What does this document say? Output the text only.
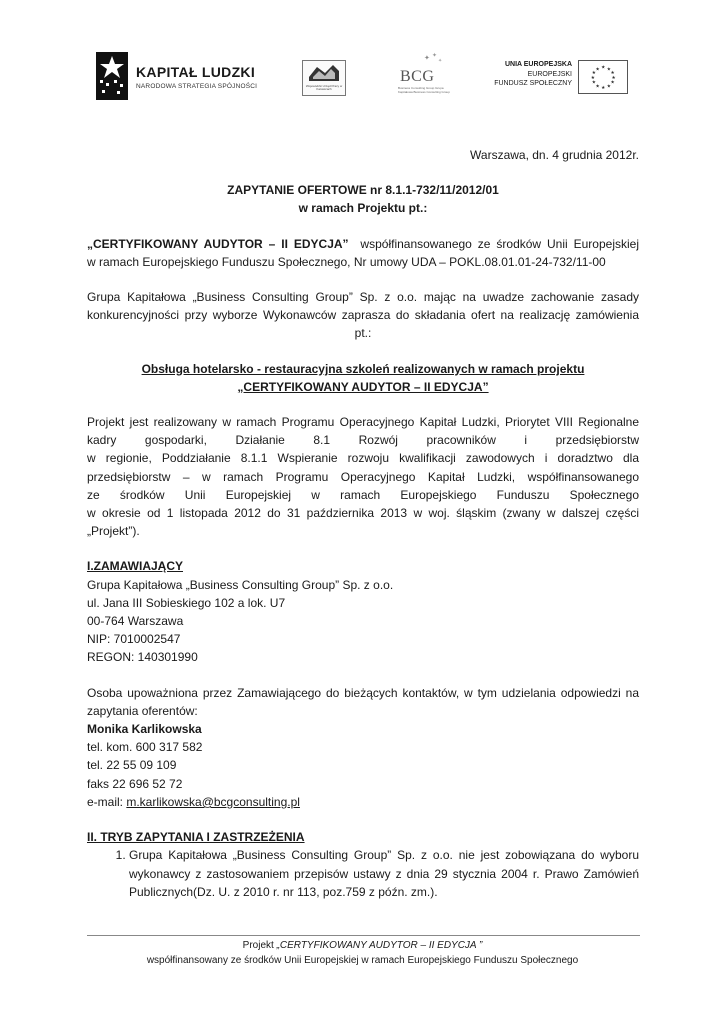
KAPITAŁ LUDZKI
NARODOWA STRATEGIA SPÓJNOŚCI	Wojewódzki Urząd Pracy w Katowicach
✦ ✦
✦
BCG
Business Consulting Group Grupa Kapitałowa Business Consulting Group
UNIA EUROPEJSKA
EUROPEJSKI
FUNDUSZ SPOŁECZNY
★ ★
★
★
★
★
★
★
★
★
★
★

Warszawa, dn. 4 grudnia 2012r.

ZAPYTANIE OFERTOWE nr 8.1.1-732/11/2012/01

w ramach Projektu pt.:

„CERTYFIKOWANY AUDYTOR – II EDYCJA”  współfinansowanego ze środków Unii Europejskiej

w ramach Europejskiego Funduszu Społecznego, Nr umowy UDA – POKL.08.01.01-24-732/11-00

Grupa Kapitałowa „Business Consulting Group” Sp. z o.o. mając na uwadze zachowanie zasady

konkurencyjności przy wyborze Wykonawców zaprasza do składania ofert na realizację zamówienia

pt.:

Obsługa hotelarsko - restauracyjna szkoleń realizowanych w ramach projektu

„CERTYFIKOWANY AUDYTOR – II EDYCJA”

Projekt jest realizowany w ramach Programu Operacyjnego Kapitał Ludzki, Priorytet VIII Regionalne

kadry gospodarki, Działanie 8.1 Rozwój pracowników i przedsiębiorstw

w regionie, Poddziałanie 8.1.1 Wspieranie rozwoju kwalifikacji zawodowych i doradztwo dla

przedsiębiorstw – w ramach Programu Operacyjnego Kapitał Ludzki, współfinansowanego

ze środków Unii Europejskiej w ramach Europejskiego Funduszu Społecznego

w okresie od 1 listopada 2012 do 31 października 2013 w woj. śląskim (zwany w dalszej części

„Projekt”).

I.ZAMAWIAJĄCY

Grupa Kapitałowa „Business Consulting Group” Sp. z o.o.

ul. Jana III Sobieskiego 102 a lok. U7

00-764 Warszawa

NIP: 7010002547

REGON: 140301990

Osoba upoważniona przez Zamawiającego do bieżących kontaktów, w tym udzielania odpowiedzi na

zapytania oferentów:

Monika Karlikowska

tel. kom. 600 317 582

tel. 22 55 09 109

faks 22 696 52 72

e-mail: m.karlikowska@bcgconsulting.pl

II. TRYB ZAPYTANIA I ZASTRZEŻENIA

1. Grupa Kapitałowa „Business Consulting Group” Sp. z o.o. nie jest zobowiązana do wyboru wykonawcy z zastosowaniem przepisów ustawy z dnia 29 stycznia 2004 r. Prawo Zamówień Publicznych(Dz. U. z 2010 r. nr 113, poz.759 z późn. zm.).

Projekt „CERTYFIKOWANY AUDYTOR – II EDYCJA ”

współfinansowany ze środków Unii Europejskiej w ramach Europejskiego Funduszu Społecznego
